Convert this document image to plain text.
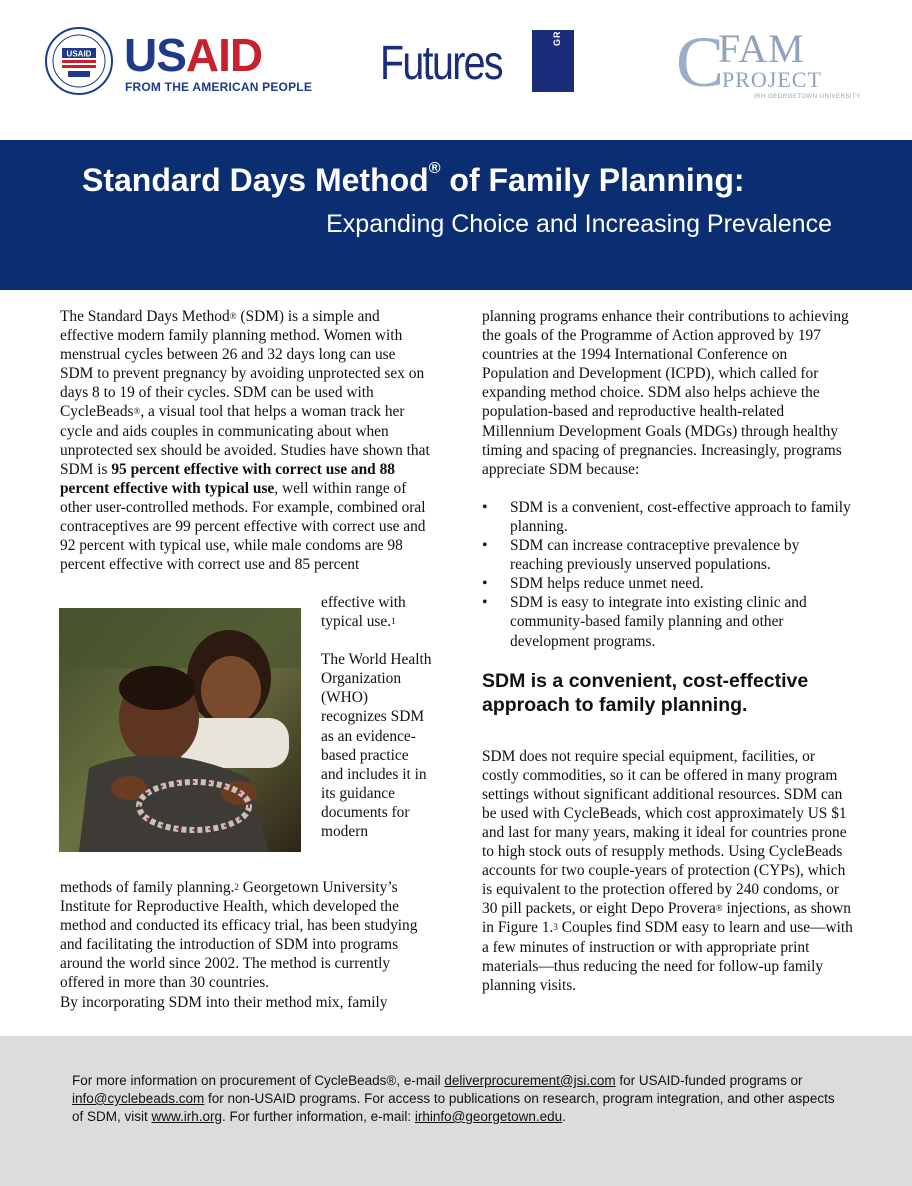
USAID USAID
FROM THE AMERICAN PEOPLE Futures
GROUP C
FAM
PROJECT
IRH GEORGETOWN UNIVERSITY
Standard Days Method® of Family Planning:
Expanding Choice and Increasing Prevalence

The Standard Days Method® (SDM) is a simple and effective modern family planning method. Women with menstrual cycles between 26 and 32 days long can use SDM to prevent pregnancy by avoiding unprotected sex on days 8 to 19 of their cycles. SDM can be used with CycleBeads®, a visual tool that helps a woman track her cycle and aids couples in communicating about when unprotected sex should be avoided. Studies have shown that SDM is 95 percent effective with correct use and 88 percent effective with typical use, well within range of other user-controlled methods. For example, combined oral contraceptives are 99 percent effective with correct use and 92 percent with typical use, while male condoms are 98 percent effective with correct use and 85 percent

effective with typical use.$^1$

The World Health Organization (WHO) recognizes SDM as an evidence-based practice and includes it in its guidance documents for modern

methods of family planning.$^2$ Georgetown University’s Institute for Reproductive Health, which developed the method and conducted its efficacy trial, has been studying and facilitating the introduction of SDM into programs around the world since 2002. The method is currently offered in more than 30 countries.

By incorporating SDM into their method mix, family

planning programs enhance their contributions to achieving the goals of the Programme of Action approved by 197 countries at the 1994 International Conference on Population and Development (ICPD), which called for expanding method choice. SDM also helps achieve the population-based and reproductive health-related Millennium Development Goals (MDGs) through healthy timing and spacing of pregnancies. Increasingly, programs appreciate SDM because:

• SDM is a convenient, cost-effective approach to family planning.
• SDM can increase contraceptive prevalence by reaching previously unserved populations.
• SDM helps reduce unmet need.
• SDM is easy to integrate into existing clinic and community-based family planning and other development programs.
SDM is a convenient, cost-effective approach to family planning.

SDM does not require special equipment, facilities, or costly commodities, so it can be offered in many program settings without significant additional resources. SDM can be used with CycleBeads, which cost approximately US $1 and last for many years, making it ideal for countries prone to high stock outs of resupply methods. Using CycleBeads accounts for two couple-years of protection (CYPs), which is equivalent to the protection offered by 240 condoms, or 30 pill packets, or eight Depo Provera® injections, as shown in Figure 1.$^3$ Couples find SDM easy to learn and use—with a few minutes of instruction or with appropriate print materials—thus reducing the need for follow-up family planning visits.

For more information on procurement of CycleBeads®, e-mail deliverprocurement@jsi.com for USAID-funded programs or info@cyclebeads.com for non-USAID programs. For access to publications on research, program integration, and other aspects of SDM, visit www.irh.org. For further information, e-mail: irhinfo@georgetown.edu.
